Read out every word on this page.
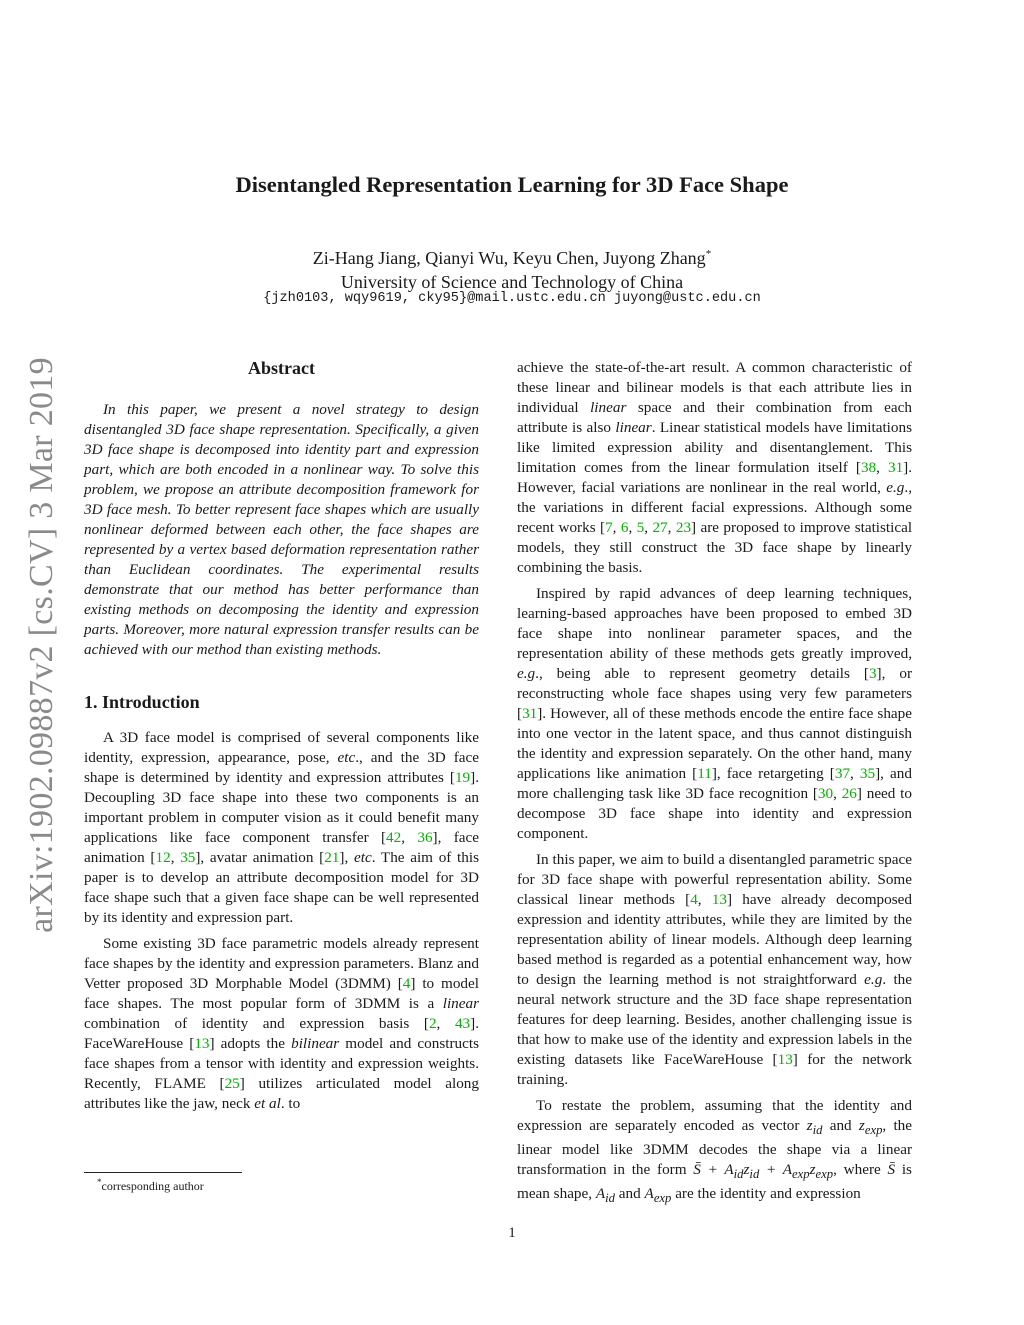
arXiv:1902.09887v2 [cs.CV] 3 Mar 2019
Disentangled Representation Learning for 3D Face Shape
Zi-Hang Jiang, Qianyi Wu, Keyu Chen, Juyong Zhang*
University of Science and Technology of China
{jzh0103, wqy9619, cky95}@mail.ustc.edu.cn juyong@ustc.edu.cn
Abstract

In this paper, we present a novel strategy to design disentangled 3D face shape representation. Specifically, a given 3D face shape is decomposed into identity part and expression part, which are both encoded in a nonlinear way. To solve this problem, we propose an attribute decomposition framework for 3D face mesh. To better represent face shapes which are usually nonlinear deformed between each other, the face shapes are represented by a vertex based deformation representation rather than Euclidean coordinates. The experimental results demonstrate that our method has better performance than existing methods on decomposing the identity and expression parts. Moreover, more natural expression transfer results can be achieved with our method than existing methods.

1. Introduction

A 3D face model is comprised of several components like identity, expression, appearance, pose, etc., and the 3D face shape is determined by identity and expression attributes [19]. Decoupling 3D face shape into these two components is an important problem in computer vision as it could benefit many applications like face component transfer [42, 36], face animation [12, 35], avatar animation [21], etc. The aim of this paper is to develop an attribute decomposition model for 3D face shape such that a given face shape can be well represented by its identity and expression part.

Some existing 3D face parametric models already represent face shapes by the identity and expression parameters. Blanz and Vetter proposed 3D Morphable Model (3DMM) [4] to model face shapes. The most popular form of 3DMM is a linear combination of identity and expression basis [2, 43]. FaceWareHouse [13] adopts the bilinear model and constructs face shapes from a tensor with identity and expression weights. Recently, FLAME [25] utilizes articulated model along attributes like the jaw, neck et al. to

achieve the state-of-the-art result. A common characteristic of these linear and bilinear models is that each attribute lies in individual linear space and their combination from each attribute is also linear. Linear statistical models have limitations like limited expression ability and disentanglement. This limitation comes from the linear formulation itself [38, 31]. However, facial variations are nonlinear in the real world, e.g., the variations in different facial expressions. Although some recent works [7, 6, 5, 27, 23] are proposed to improve statistical models, they still construct the 3D face shape by linearly combining the basis.

Inspired by rapid advances of deep learning techniques, learning-based approaches have been proposed to embed 3D face shape into nonlinear parameter spaces, and the representation ability of these methods gets greatly improved, e.g., being able to represent geometry details [3], or reconstructing whole face shapes using very few parameters [31]. However, all of these methods encode the entire face shape into one vector in the latent space, and thus cannot distinguish the identity and expression separately. On the other hand, many applications like animation [11], face retargeting [37, 35], and more challenging task like 3D face recognition [30, 26] need to decompose 3D face shape into identity and expression component.

In this paper, we aim to build a disentangled parametric space for 3D face shape with powerful representation ability. Some classical linear methods [4, 13] have already decomposed expression and identity attributes, while they are limited by the representation ability of linear models. Although deep learning based method is regarded as a potential enhancement way, how to design the learning method is not straightforward e.g. the neural network structure and the 3D face shape representation features for deep learning. Besides, another challenging issue is that how to make use of the identity and expression labels in the existing datasets like FaceWareHouse [13] for the network training.

To restate the problem, assuming that the identity and expression are separately encoded as vector $z_{id}$ and $z_{exp}$, the linear model like 3DMM decodes the shape via a linear transformation in the form S̄ + $A_{id}z_{id} + A_{exp}z_{exp}$, where S̄ is mean shape, $A_{id}$ and $A_{exp}$ are the identity and expression

*corresponding author
1
